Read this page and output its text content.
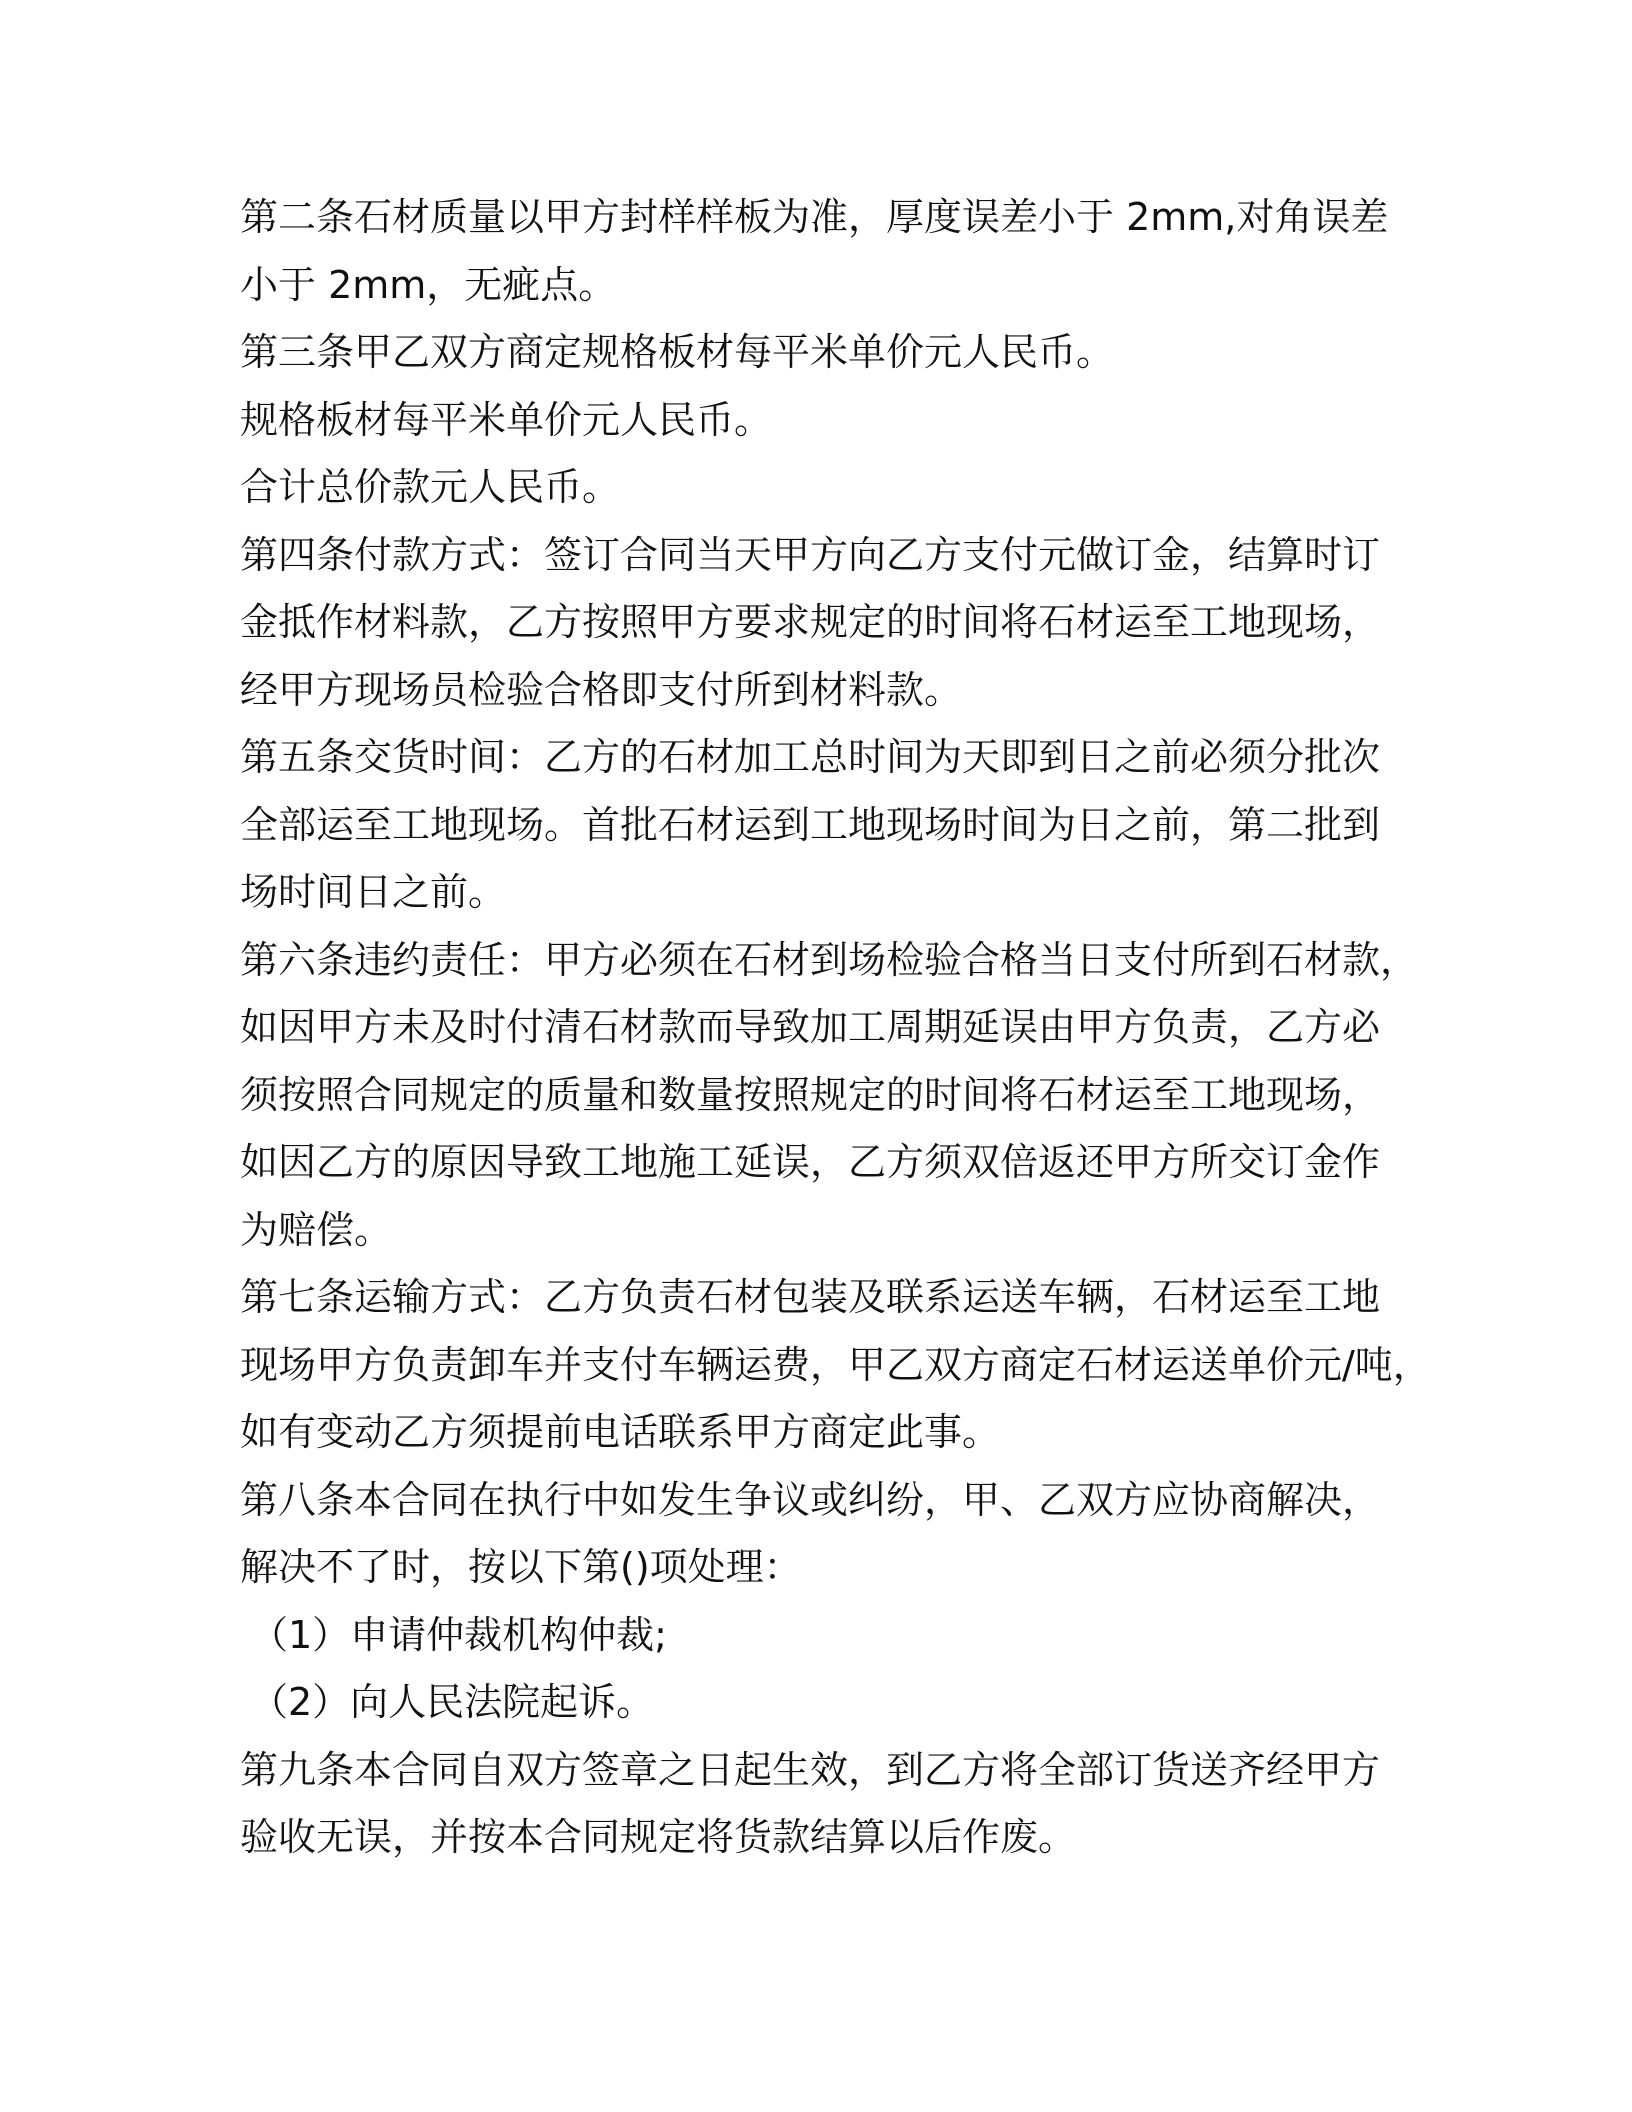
第二条石材质量以甲方封样样板为准，厚度误差小于 2mm,对角误差
小于 2mm，无疵点。
第三条甲乙双方商定规格板材每平米单价元人民币。
规格板材每平米单价元人民币。
合计总价款元人民币。
第四条付款方式：签订合同当天甲方向乙方支付元做订金，结算时订
金抵作材料款，乙方按照甲方要求规定的时间将石材运至工地现场，
经甲方现场员检验合格即支付所到材料款。
第五条交货时间：乙方的石材加工总时间为天即到日之前必须分批次
全部运至工地现场。首批石材运到工地现场时间为日之前，第二批到
场时间日之前。
第六条违约责任：甲方必须在石材到场检验合格当日支付所到石材款，
如因甲方未及时付清石材款而导致加工周期延误由甲方负责，乙方必
须按照合同规定的质量和数量按照规定的时间将石材运至工地现场，
如因乙方的原因导致工地施工延误，乙方须双倍返还甲方所交订金作
为赔偿。
第七条运输方式：乙方负责石材包装及联系运送车辆，石材运至工地
现场甲方负责卸车并支付车辆运费，甲乙双方商定石材运送单价元/吨，
如有变动乙方须提前电话联系甲方商定此事。
第八条本合同在执行中如发生争议或纠纷，甲、乙双方应协商解决，
解决不了时，按以下第()项处理：
（1）申请仲裁机构仲裁;
（2）向人民法院起诉。
第九条本合同自双方签章之日起生效，到乙方将全部订货送齐经甲方
验收无误，并按本合同规定将货款结算以后作废。
